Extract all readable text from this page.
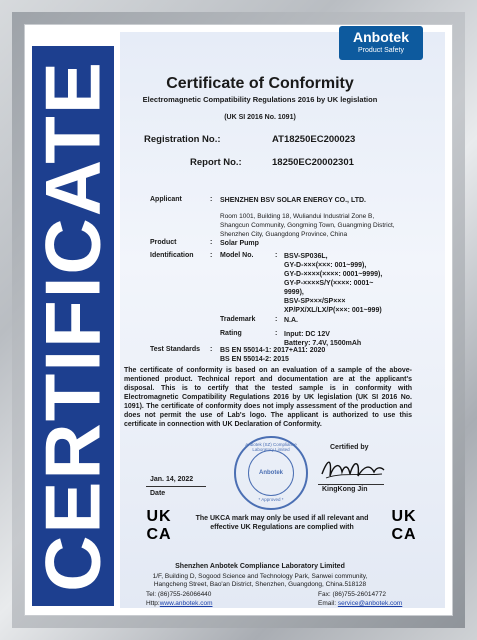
CERTIFICATE
Anbotek
Product Safety
Certificate of Conformity
Electromagnetic Compatibility Regulations 2016 by UK legislation
(UK SI 2016 No. 1091)
Registration No.:	AT18250EC200023
Report No.:	18250EC20002301
Applicant	: SHENZHEN BSV SOLAR ENERGY CO., LTD.
Room 1001, Building 18, Wuliandui Industrial Zone B,
Shangcun Community, Gongming Town, Guangming District,
Shenzhen City, Guangdong Province, China
Product	: Solar Pump
Identification : Model No.	: BSV-SP036L,
GY-D-×××(×××: 001~999),
GY-D-××××(××××: 0001~9999),
GY-P-××××S/Y(××××: 0001~
9999),
BSV-SP×××/SP×××
XP/PX/XL/LX/P(×××: 001~999)
Trademark	: N.A.
Rating	: Input: DC 12V
Battery: 7.4V, 1500mAh
Test Standards : BS EN 55014-1: 2017+A11: 2020
BS EN 55014-2: 2015
The certificate of conformity is based on an evaluation of a sample of the above-mentioned product. Technical report and documentation are at the applicant's disposal. This is to certify that the tested sample is in conformity with Electromagnetic Compatibility Regulations 2016 by UK legislation (UK SI 2016 No. 1091). The certificate of conformity does not imply assessment of the production and does not permit the use of Lab's logo. The applicant is authorized to use this certificate in connection with UK Declaration of Conformity.
Anbotek (SZ) Compliance Laboratory Limited
Anbotek
* Approved *
Jan. 14, 2022
Date
Certified by
KingKong Jin
UK
CA
The UKCA mark may only be used if all relevant and effective UK Regulations are complied with
UK
CA
Shenzhen Anbotek Compliance Laboratory Limited
1/F, Building D, Sogood Science and Technology Park, Sanwei community,
Hangcheng Street, Bao'an District, Shenzhen, Guangdong, China.518128
Tel: (86)755-26066440	Fax: (86)755-26014772
Http:www.anbotek.com	Email: service@anbotek.com
